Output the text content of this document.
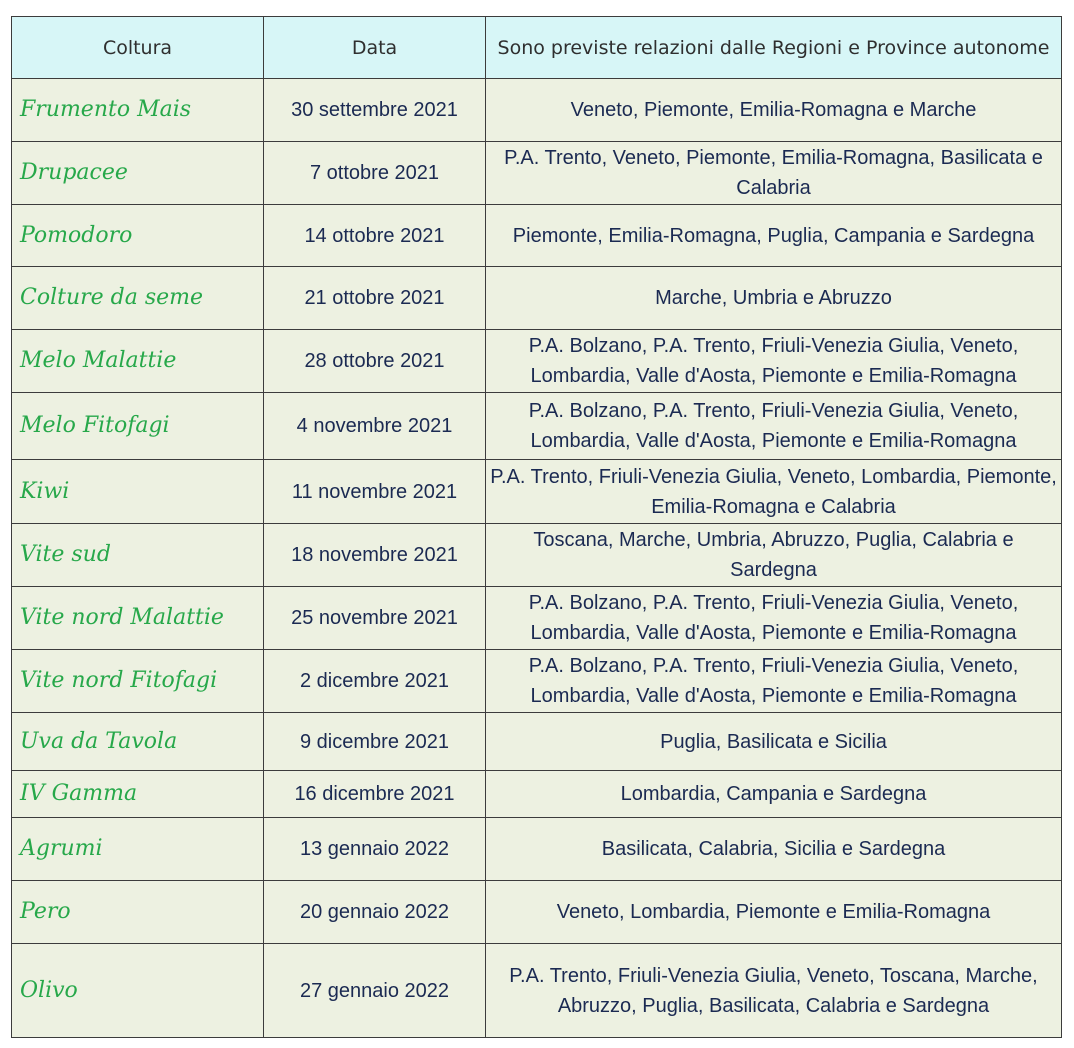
Coltura	Data	Sono previste relazioni dalle Regioni e Province autonome
Frumento Mais	30 settembre 2021	Veneto, Piemonte, Emilia-Romagna e Marche
Drupacee	7 ottobre 2021	P.A. Trento, Veneto, Piemonte, Emilia-Romagna, Basilicata e Calabria
Pomodoro	14 ottobre 2021	Piemonte, Emilia-Romagna, Puglia, Campania e Sardegna
Colture da seme	21 ottobre 2021	Marche, Umbria e Abruzzo
Melo Malattie	28 ottobre 2021	P.A. Bolzano, P.A. Trento, Friuli-Venezia Giulia, Veneto, Lombardia, Valle d'Aosta, Piemonte e Emilia-Romagna
Melo Fitofagi	4 novembre 2021	P.A. Bolzano, P.A. Trento, Friuli-Venezia Giulia, Veneto, Lombardia, Valle d'Aosta, Piemonte e Emilia-Romagna
Kiwi	11 novembre 2021	P.A. Trento, Friuli-Venezia Giulia, Veneto, Lombardia, Piemonte, Emilia-Romagna e Calabria
Vite sud	18 novembre 2021	Toscana, Marche, Umbria, Abruzzo, Puglia, Calabria e Sardegna
Vite nord Malattie	25 novembre 2021	P.A. Bolzano, P.A. Trento, Friuli-Venezia Giulia, Veneto, Lombardia, Valle d'Aosta, Piemonte e Emilia-Romagna
Vite nord Fitofagi	2 dicembre 2021	P.A. Bolzano, P.A. Trento, Friuli-Venezia Giulia, Veneto, Lombardia, Valle d'Aosta, Piemonte e Emilia-Romagna
Uva da Tavola	9 dicembre 2021	Puglia, Basilicata e Sicilia
IV Gamma	16 dicembre 2021	Lombardia, Campania e Sardegna
Agrumi	13 gennaio 2022	Basilicata, Calabria, Sicilia e Sardegna
Pero	20 gennaio 2022	Veneto, Lombardia, Piemonte e Emilia-Romagna
Olivo	27 gennaio 2022	P.A. Trento, Friuli-Venezia Giulia, Veneto, Toscana, Marche, Abruzzo, Puglia, Basilicata, Calabria e Sardegna
